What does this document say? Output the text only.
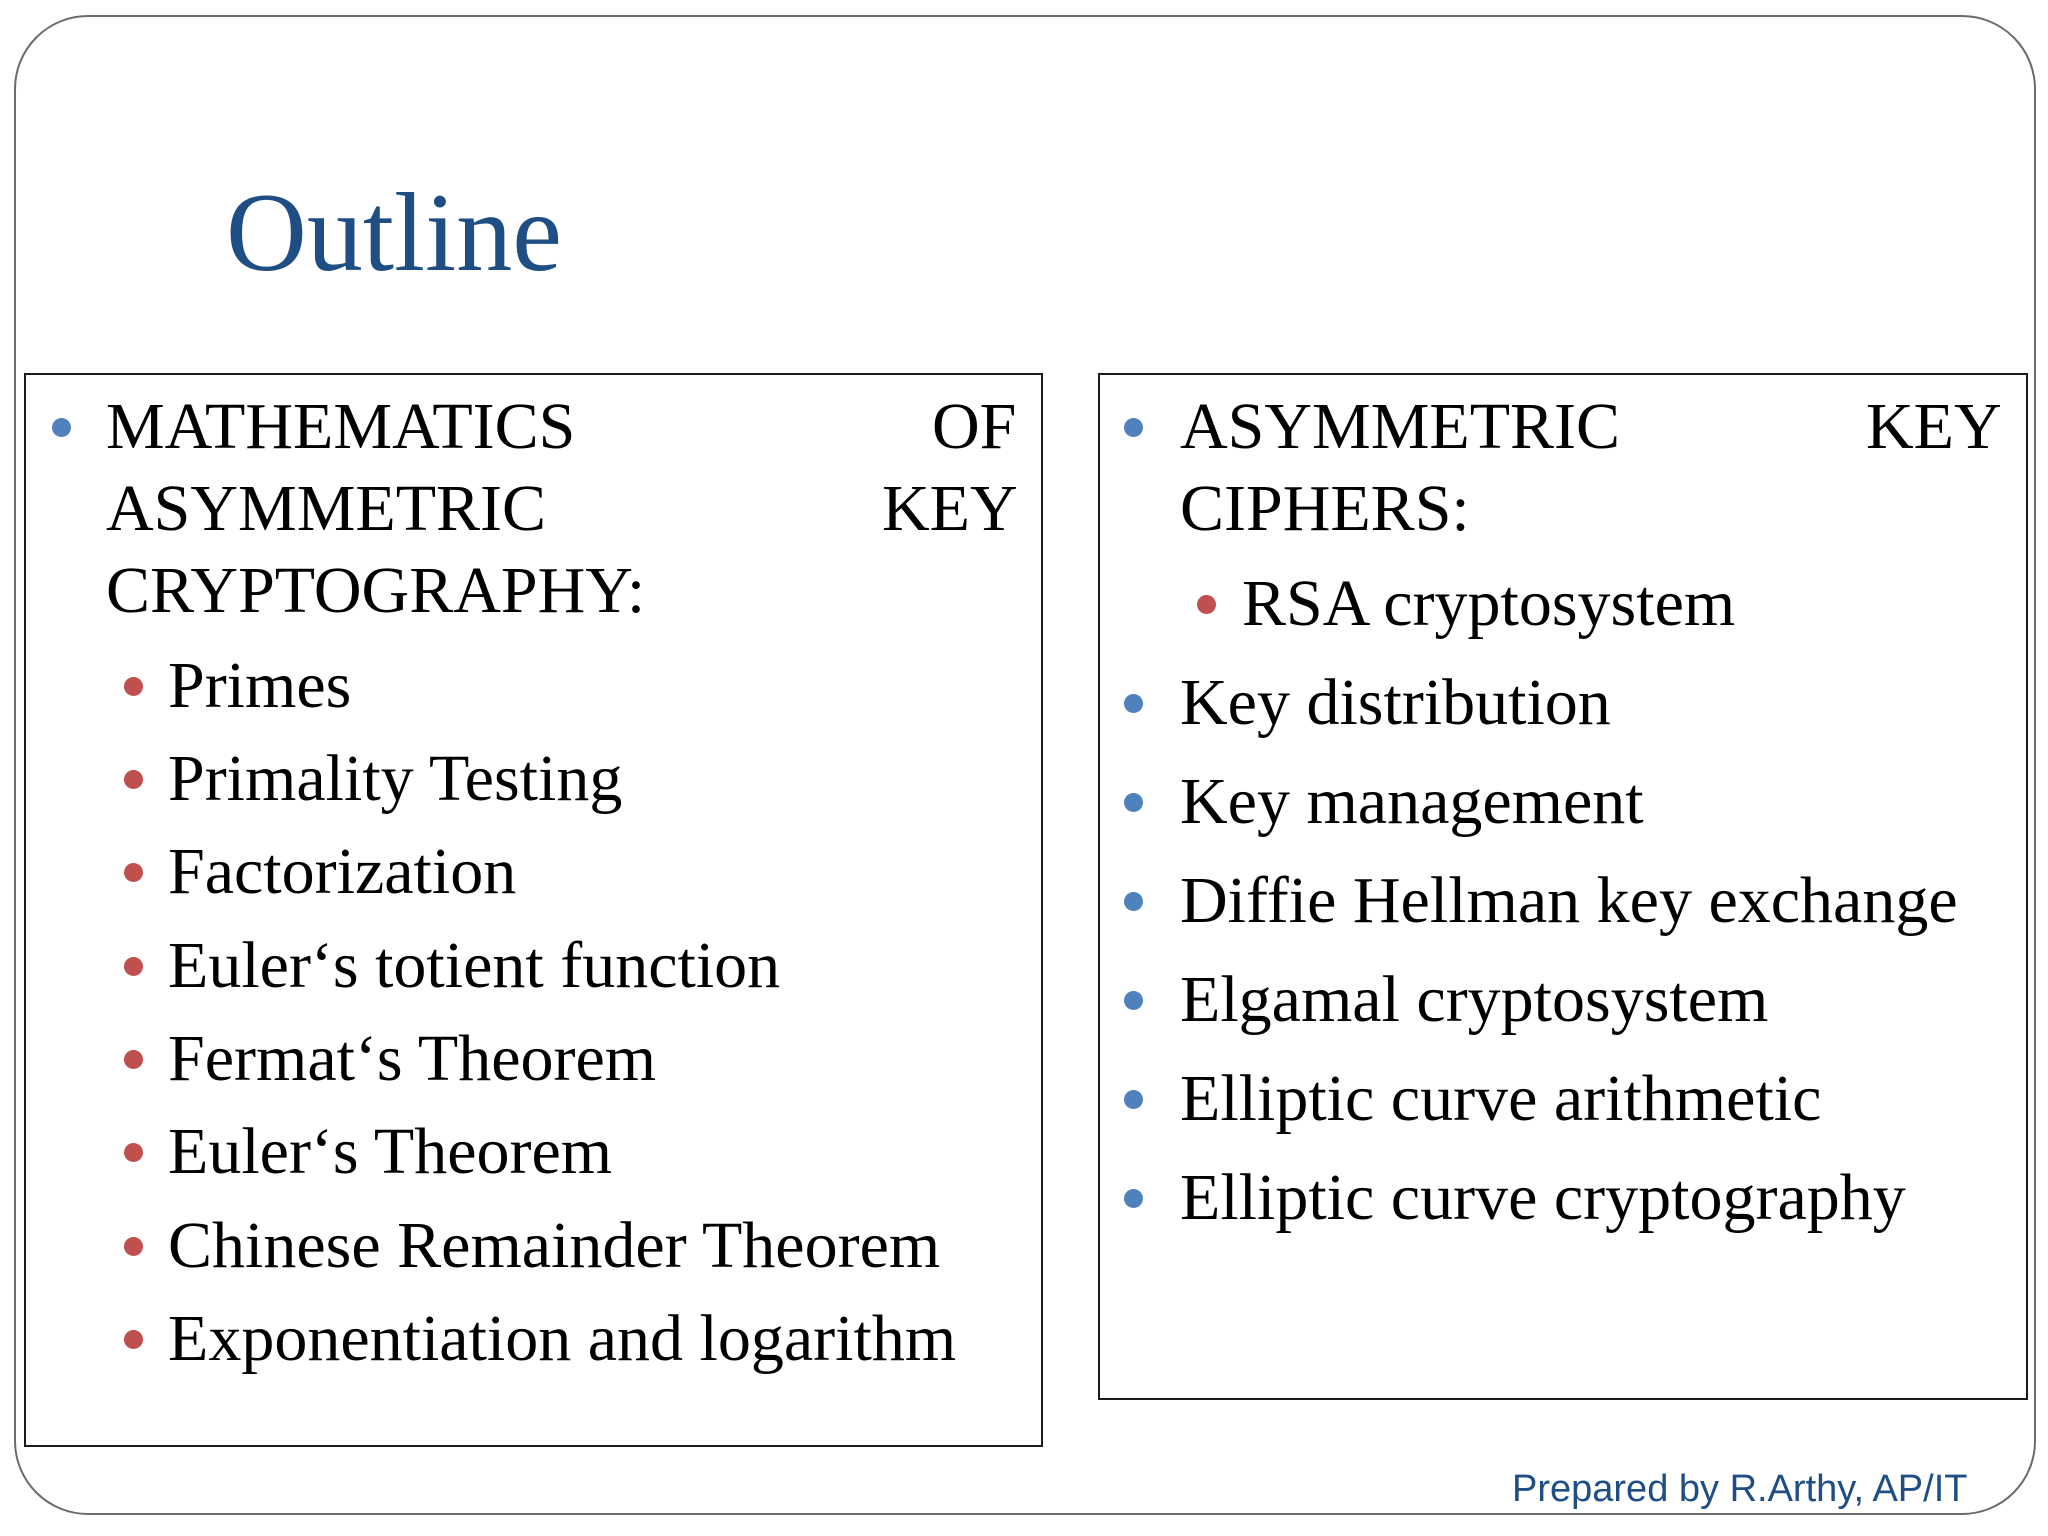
Outline
MATHEMATICS	OF
ASYMMETRIC	KEY
CRYPTOGRAPHY:
Primes
Primality Testing
Factorization
Euler‘s totient function
Fermat‘s Theorem
Euler‘s Theorem
Chinese Remainder Theorem
Exponentiation and logarithm
ASYMMETRIC	KEY
CIPHERS:
RSA cryptosystem
Key distribution
Key management
Diffie Hellman key exchange
Elgamal cryptosystem
Elliptic curve arithmetic
Elliptic curve cryptography
Prepared by R.Arthy, AP/IT
